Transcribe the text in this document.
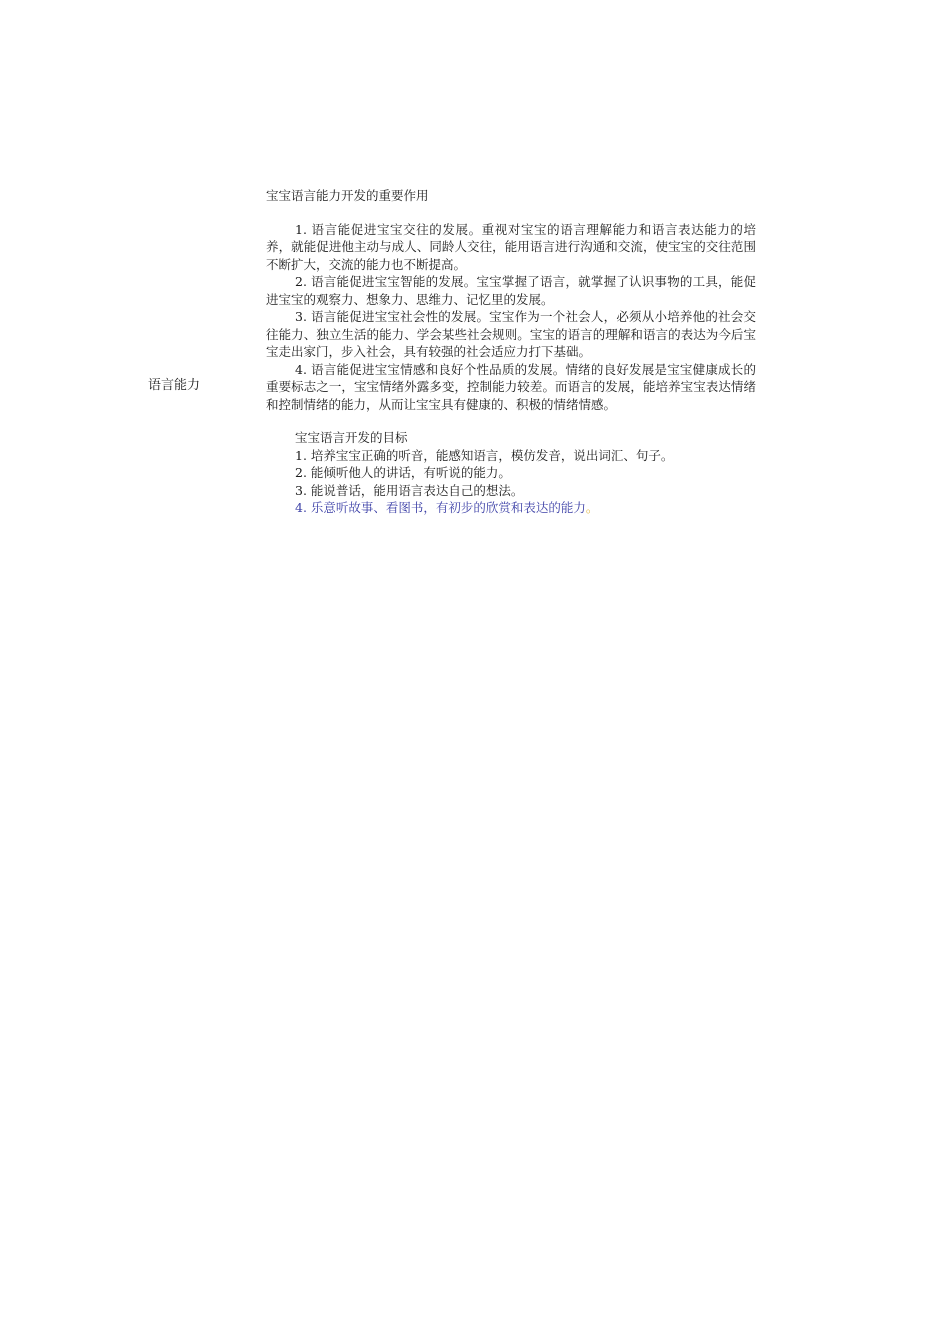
语言能力
宝宝语言能力开发的重要作用

1. 语言能促进宝宝交往的发展。重视对宝宝的语言理解能力和语言表达能力的培养，就能促进他主动与成人、同龄人交往，能用语言进行沟通和交流，使宝宝的交往范围不断扩大，交流的能力也不断提高。

2. 语言能促进宝宝智能的发展。宝宝掌握了语言，就掌握了认识事物的工具，能促进宝宝的观察力、想象力、思维力、记忆里的发展。

3. 语言能促进宝宝社会性的发展。宝宝作为一个社会人，必须从小培养他的社会交往能力、独立生活的能力、学会某些社会规则。宝宝的语言的理解和语言的表达为今后宝宝走出家门，步入社会，具有较强的社会适应力打下基础。

4. 语言能促进宝宝情感和良好个性品质的发展。情绪的良好发展是宝宝健康成长的重要标志之一，宝宝情绪外露多变，控制能力较差。而语言的发展，能培养宝宝表达情绪和控制情绪的能力，从而让宝宝具有健康的、积极的情绪情感。

宝宝语言开发的目标

1. 培养宝宝正确的听音，能感知语言，模仿发音，说出词汇、句子。

2. 能倾听他人的讲话，有听说的能力。

3. 能说普话，能用语言表达自己的想法。

4. 乐意听故事、看图书，有初步的欣赏和表达的能力。
